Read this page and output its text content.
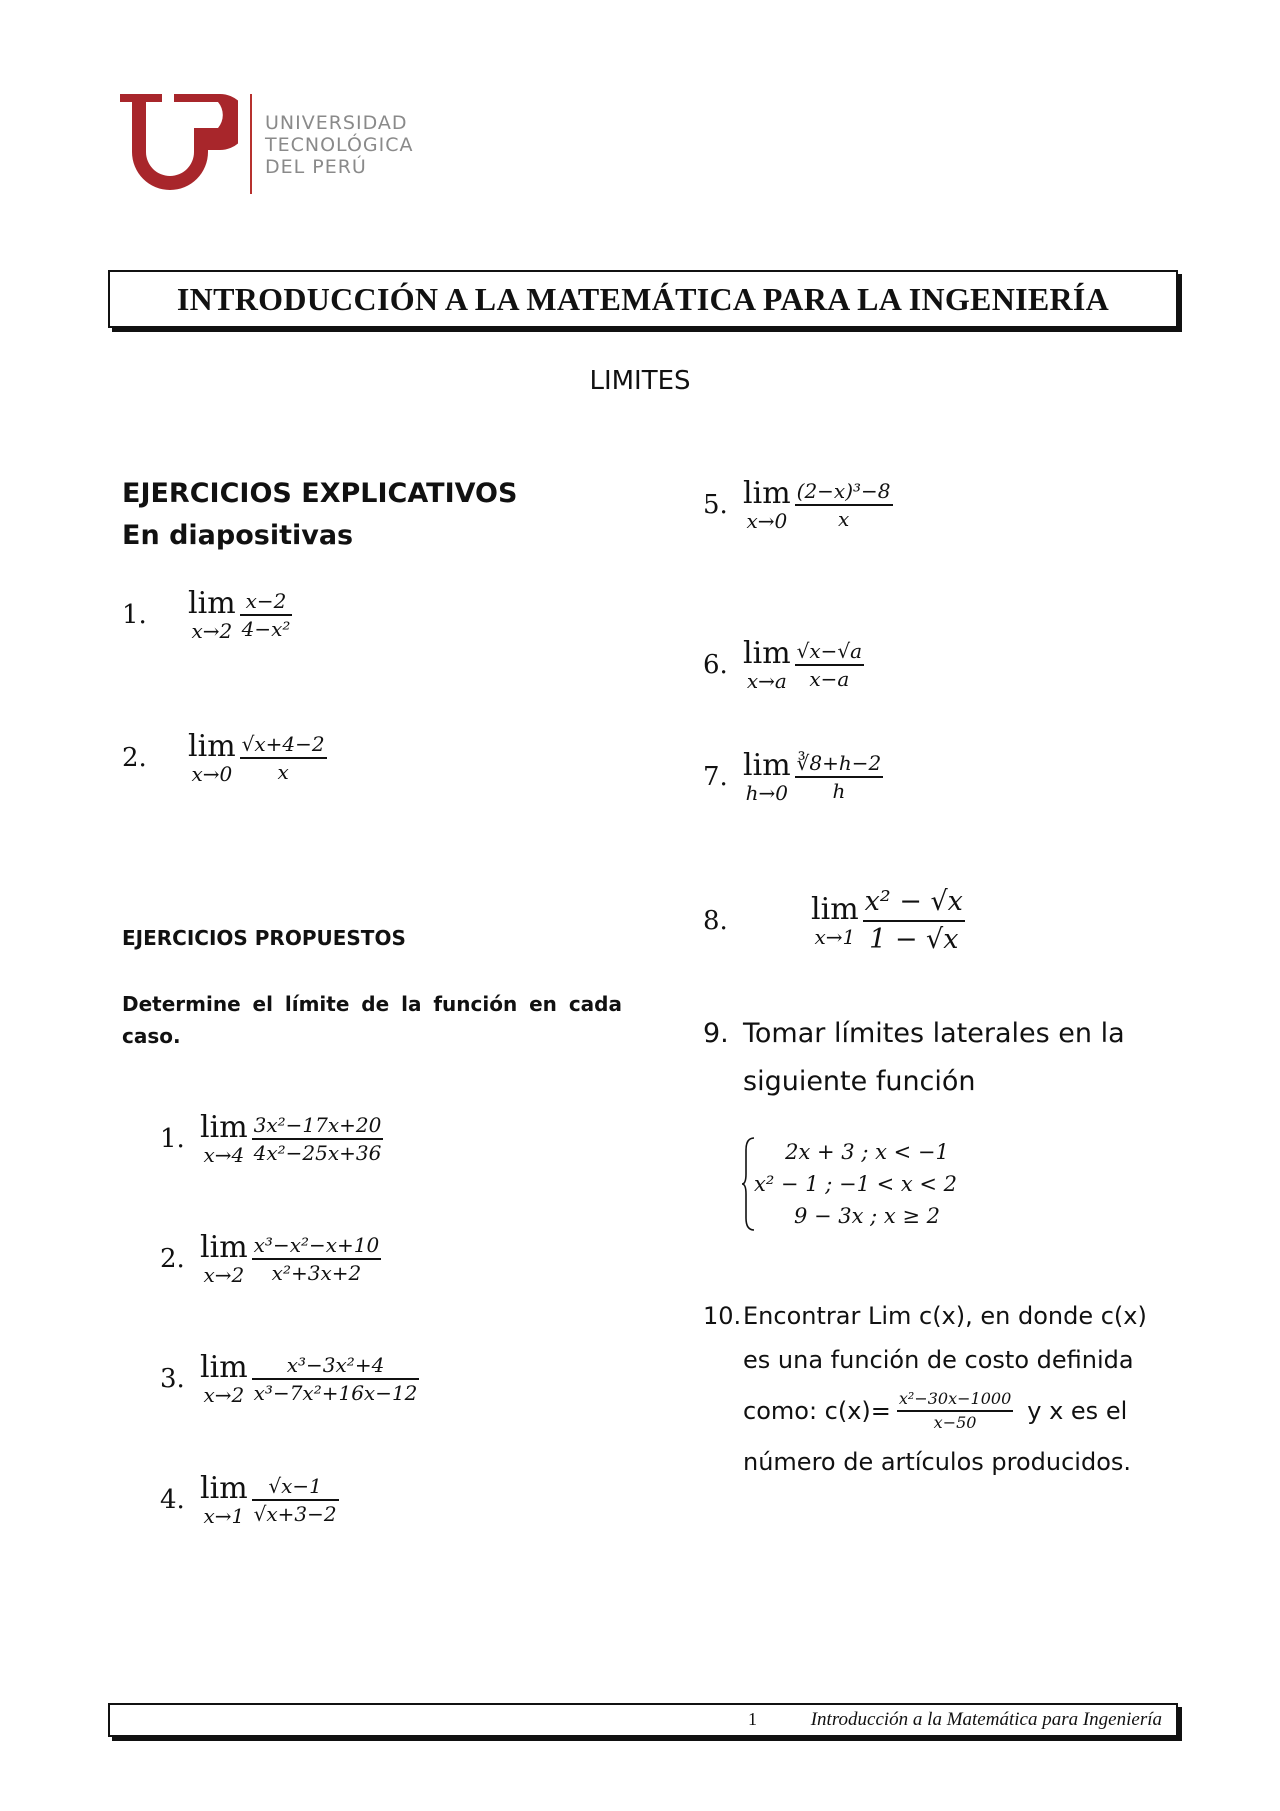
UNIVERSIDAD
TECNOLÓGICA
DEL PERÚ
INTRODUCCIÓN A LA MATEMÁTICA PARA LA INGENIERÍA
LIMITES
EJERCICIOS EXPLICATIVOS
En diapositivas
1.	lim
$x\to 2 \frac{x-2}{\text{4−x²}}$
2.	lim
$x\to 0 \frac{√x+4-2}{x}$
EJERCICIOS PROPUESTOS
Determine el límite de la función en cada caso.
1. lim
$x\to 4 \frac{\text{3x²−17x+20}}{\text{4x²−25x+36}}$
2. lim
$x\to 2 \frac{\text{x³−x²−x+10}}{\text{x²+3x+2}}$
3. lim
$x\to 2 \frac{\text{x³−3x²+4}}{\text{x³−7x²+16x−12}}$
4. lim
$x\to 1 \frac{√x-1}{√x+3-2}$
5. lim
$x\to 0 \frac{\text{(2−x)³−8}}{x}$
6. lim
$x\to a \frac{√x-√a}{x-a}$
7. lim
$h\to 0 \frac{∛8+h-2}{h}$
8.	lim
$x\to 1 \frac{\text{x² − √x}}{1 - √x}$
9. Tomar límites laterales en la
siguiente función
2x + 3 ; x < −1
x² − 1 ; −1 < x < 2
9 − 3x ; x ≥ 2
10. Encontrar Lim c(x), en donde c(x)
es una función de costo definida
como: $c(x)= \frac{\text{x²−30x−1000}}{x-50}$ y x es el
número de artículos producidos.
1	Introducción a la Matemática para Ingeniería
